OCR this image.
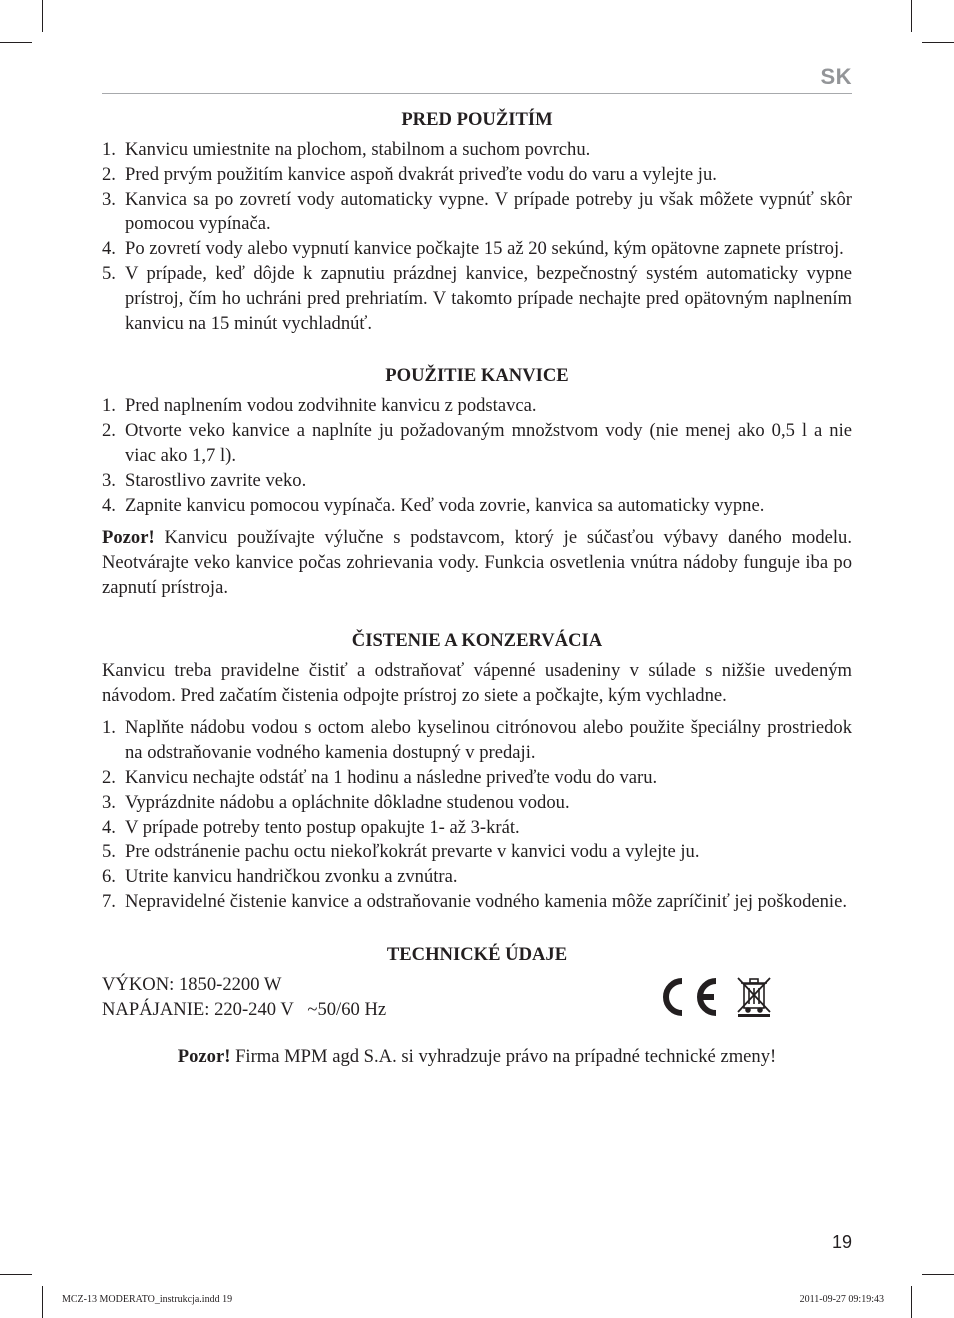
SK
PRED POUŽITÍM
1. Kanvicu umiestnite na plochom, stabilnom a suchom povrchu.
2. Pred prvým použitím kanvice aspoň dvakrát priveďte vodu do varu a vylejte ju.
3. Kanvica sa po zovretí vody automaticky vypne. V prípade potreby ju však môžete vypnúť skôr pomocou vypínača.
4. Po zovretí vody alebo vypnutí kanvice počkajte 15 až 20 sekúnd, kým opätovne zapnete prístroj.
5. V prípade, keď dôjde k zapnutiu prázdnej kanvice, bezpečnostný systém automaticky vypne prístroj, čím ho uchráni pred prehriatím. V takomto prípade nechajte pred opätovným naplnením kanvicu na 15 minút vychladnúť.
POUŽITIE KANVICE
1. Pred naplnením vodou zodvihnite kanvicu z podstavca.
2. Otvorte veko kanvice a naplníte ju požadovaným množstvom vody (nie menej ako 0,5 l a nie viac ako 1,7 l).
3. Starostlivo zavrite veko.
4. Zapnite kanvicu pomocou vypínača. Keď voda zovrie, kanvica sa automaticky vypne.

Pozor! Kanvicu používajte výlučne s podstavcom, ktorý je súčasťou výbavy daného modelu. Neotvárajte veko kanvice počas zohrievania vody. Funkcia osvetlenia vnútra nádoby funguje iba po zapnutí prístroja.

ČISTENIE A KONZERVÁCIA

Kanvicu treba pravidelne čistiť a odstraňovať vápenné usadeniny v súlade s nižšie uvedeným návodom. Pred začatím čistenia odpojte prístroj zo siete a počkajte, kým vychladne.

1. Naplňte nádobu vodou s octom alebo kyselinou citrónovou alebo použite špeciálny prostriedok na odstraňovanie vodného kamenia dostupný v predaji.
2. Kanvicu nechajte odstáť na 1 hodinu a následne priveďte vodu do varu.
3. Vyprázdnite nádobu a opláchnite dôkladne studenou vodou.
4. V prípade potreby tento postup opakujte 1- až 3-krát.
5. Pre odstránenie pachu octu niekoľkokrát prevarte v kanvici vodu a vylejte ju.
6. Utrite kanvicu handričkou zvonku a zvnútra.
7. Nepravidelné čistenie kanvice a odstraňovanie vodného kamenia môže zapríčiniť jej poškodenie.
TECHNICKÉ ÚDAJE
VÝKON: 1850-2200 W
NAPÁJANIE: 220-240 V   ~50/60 Hz

Pozor! Firma MPM agd S.A. si vyhradzuje právo na prípadné technické zmeny!

19
MCZ-13 MODERATO_instrukcja.indd 19	2011-09-27 09:19:43
